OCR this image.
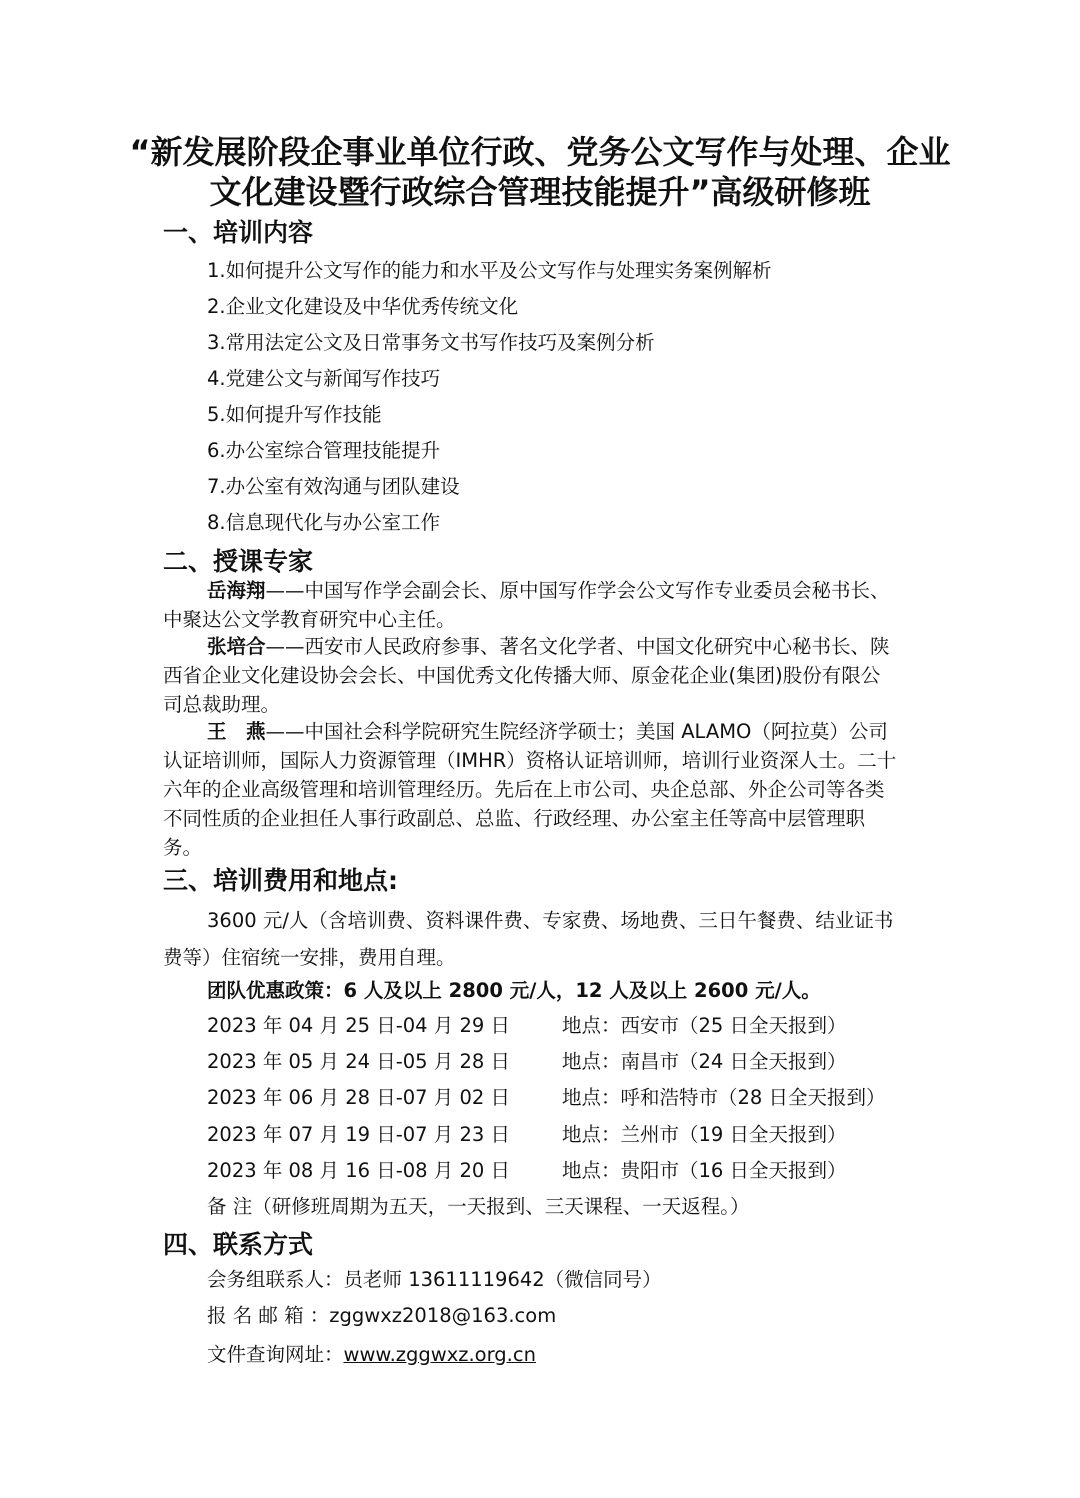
“新发展阶段企事业单位行政、党务公文写作与处理、企业
文化建设暨行政综合管理技能提升”高级研修班
一、培训内容
1.如何提升公文写作的能力和水平及公文写作与处理实务案例解析
2.企业文化建设及中华优秀传统文化
3.常用法定公文及日常事务文书写作技巧及案例分析
4.党建公文与新闻写作技巧
5.如何提升写作技能
6.办公室综合管理技能提升
7.办公室有效沟通与团队建设
8.信息现代化与办公室工作
二、授课专家
岳海翔——中国写作学会副会长、原中国写作学会公文写作专业委员会秘书长、中聚达公文学教育研究中心主任。
张培合——西安市人民政府参事、著名文化学者、中国文化研究中心秘书长、陕西省企业文化建设协会会长、中国优秀文化传播大师、原金花企业(集团)股份有限公司总裁助理。
王　燕——中国社会科学院研究生院经济学硕士；美国 ALAMO（阿拉莫）公司认证培训师，国际人力资源管理（IMHR）资格认证培训师，培训行业资深人士。二十六年的企业高级管理和培训管理经历。先后在上市公司、央企总部、外企公司等各类不同性质的企业担任人事行政副总、总监、行政经理、办公室主任等高中层管理职务。
三、培训费用和地点:
3600 元/人（含培训费、资料课件费、专家费、场地费、三日午餐费、结业证书费等）住宿统一安排，费用自理。
团队优惠政策：6 人及以上 2800 元/人，12 人及以上 2600 元/人。
2023 年 04 月 25 日-04 月 29 日	地点：西安市（25 日全天报到）
2023 年 05 月 24 日-05 月 28 日	地点：南昌市（24 日全天报到）
2023 年 06 月 28 日-07 月 02 日	地点：呼和浩特市（28 日全天报到）
2023 年 07 月 19 日-07 月 23 日	地点：兰州市（19 日全天报到）
2023 年 08 月 16 日-08 月 20 日	地点：贵阳市（16 日全天报到）
备 注（研修班周期为五天，一天报到、三天课程、一天返程。）
四、联系方式
会务组联系人：员老师 13611119642（微信同号）
报 名 邮 箱 ：zggwxz2018@163.com
文件查询网址：www.zggwxz.org.cn
